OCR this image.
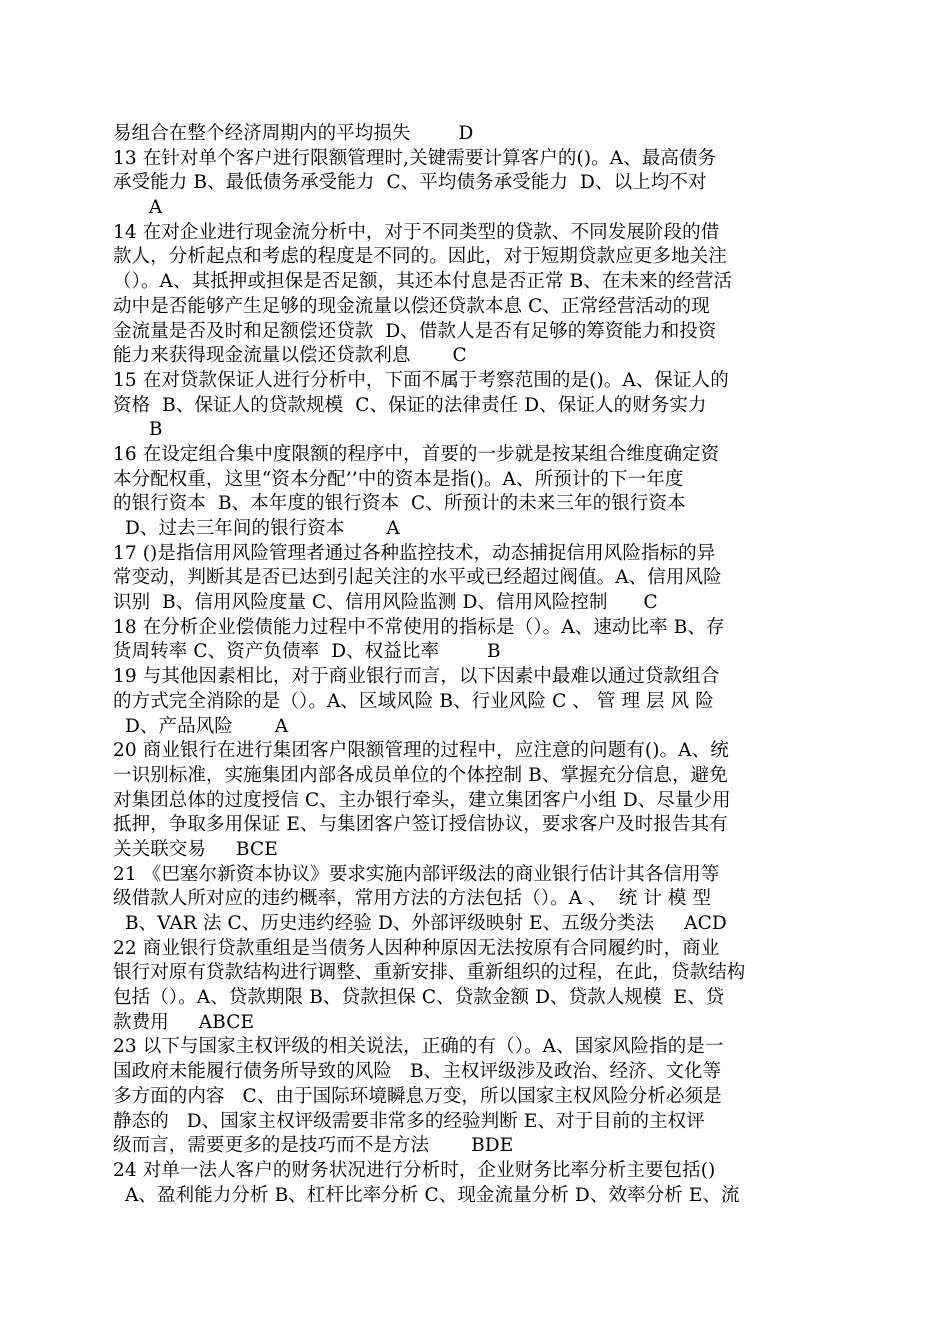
易组合在整个经济周期内的平均损失        D
13 在针对单个客户进行限额管理时,关键需要计算客户的()。A、最高债务
承受能力 B、最低债务承受能力  C、平均债务承受能力  D、以上均不对
A
14 在对企业进行现金流分析中，对于不同类型的贷款、不同发展阶段的借
款人，分析起点和考虑的程度是不同的。因此，对于短期贷款应更多地关注
（）。A、其抵押或担保是否足额，其还本付息是否正常 B、在未来的经营活
动中是否能够产生足够的现金流量以偿还贷款本息 C、正常经营活动的现
金流量是否及时和足额偿还贷款  D、借款人是否有足够的筹资能力和投资
能力来获得现金流量以偿还贷款利息       C
15 在对贷款保证人进行分析中，下面不属于考察范围的是()。A、保证人的
资格  B、保证人的贷款规模  C、保证的法律责任 D、保证人的财务实力
B
16 在设定组合集中度限额的程序中，首要的一步就是按某组合维度确定资
本分配权重，这里“资本分配’’中的资本是指()。A、所预计的下一年度
的银行资本  B、本年度的银行资本  C、所预计的未来三年的银行资本
D、过去三年间的银行资本       A
17 ()是指信用风险管理者通过各种监控技术，动态捕捉信用风险指标的异
常变动，判断其是否已达到引起关注的水平或已经超过阀值。A、信用风险
识别  B、信用风险度量 C、信用风险监测 D、信用风险控制      C
18 在分析企业偿债能力过程中不常使用的指标是（）。A、速动比率 B、存
货周转率 C、资产负债率  D、权益比率        B
19 与其他因素相比，对于商业银行而言，以下因素中最难以通过贷款组合
的方式完全消除的是（）。A、区域风险 B、行业风险 C 、 管 理 层 风 险
D、产品风险       A
20 商业银行在进行集团客户限额管理的过程中，应注意的问题有()。A、统
一识别标准，实施集团内部各成员单位的个体控制 B、掌握充分信息，避免
对集团总体的过度授信 C、主办银行牵头，建立集团客户小组 D、尽量少用
抵押，争取多用保证 E、与集团客户签订授信协议，要求客户及时报告其有
关关联交易     BCE
21 《巴塞尔新资本协议》要求实施内部评级法的商业银行估计其各信用等
级借款人所对应的违约概率，常用方法的方法包括（）。A 、  统 计 模 型
B、VAR 法 C、历史违约经验 D、外部评级映射 E、五级分类法     ACD
22 商业银行贷款重组是当债务人因种种原因无法按原有合同履约时，商业
银行对原有贷款结构进行调整、重新安排、重新组织的过程，在此，贷款结构
包括（）。A、贷款期限 B、贷款担保 C、贷款金额 D、贷款人规模  E、贷
款费用     ABCE
23 以下与国家主权评级的相关说法，正确的有（）。A、国家风险指的是一
国政府未能履行债务所导致的风险   B、主权评级涉及政治、经济、文化等
多方面的内容   C、由于国际环境瞬息万变，所以国家主权风险分析必须是
静态的   D、国家主权评级需要非常多的经验判断 E、对于目前的主权评
级而言，需要更多的是技巧而不是方法       BDE
24 对单一法人客户的财务状况进行分析时，企业财务比率分析主要包括()
A、盈利能力分析 B、杠杆比率分析 C、现金流量分析 D、效率分析 E、流
